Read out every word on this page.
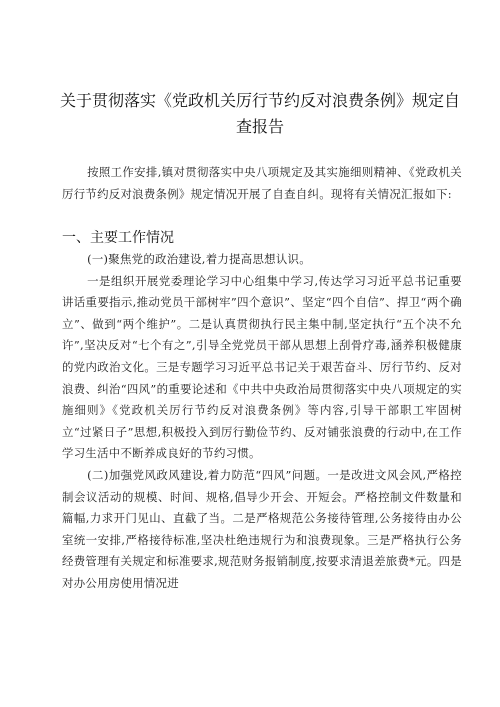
关于贯彻落实《党政机关厉行节约反对浪费条例》规定自查报告

按照工作安排,镇对贯彻落实中央八项规定及其实施细则精神、《党政机关厉行节约反对浪费条例》规定情况开展了自查自纠。现将有关情况汇报如下:

一、主要工作情况

(一)聚焦党的政治建设,着力提高思想认识。

一是组织开展党委理论学习中心组集中学习,传达学习习近平总书记重要讲话重要指示,推动党员干部树牢”四个意识”、坚定“四个自信”、捍卫“两个确立”、做到“两个维护”。二是认真贯彻执行民主集中制,坚定执行“五个决不允许”,坚决反对“七个有之”,引导全党党员干部从思想上刮骨疗毒,涵养积极健康的党内政治文化。三是专题学习习近平总书记关于艰苦奋斗、厉行节约、反对浪费、纠治“四风”的重要论述和《中共中央政治局贯彻落实中央八项规定的实施细则》《党政机关厉行节约反对浪费条例》等内容,引导干部职工牢固树立“过紧日子”思想,积极投入到厉行勤俭节约、反对铺张浪费的行动中,在工作学习生活中不断养成良好的节约习惯。

(二)加强党风政风建设,着力防范“四风”问题。一是改进文风会风,严格控制会议活动的规模、时间、规格,倡导少开会、开短会。严格控制文件数量和篇幅,力求开门见山、直截了当。二是严格规范公务接待管理,公务接待由办公室统一安排,严格接待标准,坚决杜绝违规行为和浪费现象。三是严格执行公务经费管理有关规定和标准要求,规范财务报销制度,按要求清退差旅费*元。四是对办公用房使用情况进
